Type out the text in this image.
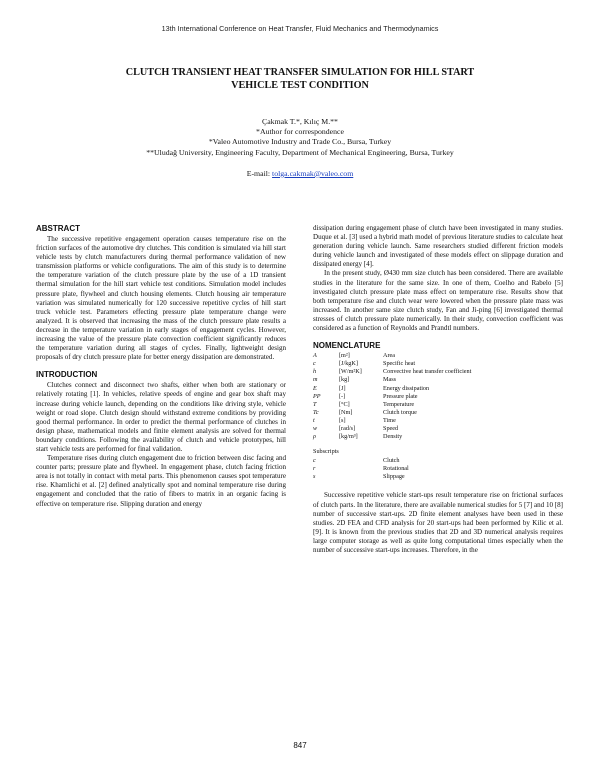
13th International Conference on Heat Transfer, Fluid Mechanics and Thermodynamics
CLUTCH TRANSIENT HEAT TRANSFER SIMULATION FOR HILL START
VEHICLE TEST CONDITION
Çakmak T.*, Kılıç M.**
*Author for correspondence
*Valeo Automotive Industry and Trade Co., Bursa, Turkey
**Uludağ University, Engineering Faculty, Department of Mechanical Engineering, Bursa, Turkey
E-mail: tolga.cakmak@valeo.com
ABSTRACT

The successive repetitive engagement operation causes temperature rise on the friction surfaces of the automotive dry clutches. This condition is simulated via hill start vehicle tests by clutch manufacturers during thermal performance validation of new transmission platforms or vehicle configurations. The aim of this study is to determine the temperature variation of the clutch pressure plate by the use of a 1D transient thermal simulation for the hill start vehicle test conditions. Simulation model includes pressure plate, flywheel and clutch housing elements. Clutch housing air temperature variation was simulated numerically for 120 successive repetitive cycles of hill start truck vehicle test. Parameters effecting pressure plate temperature change were analyzed. It is observed that increasing the mass of the clutch pressure plate results a decrease in the temperature variation in early stages of engagement cycles. However, increasing the value of the pressure plate convection coefficient significantly reduces the temperature variation during all stages of cycles. Finally, lightweight design proposals of dry clutch pressure plate for better energy dissipation are demonstrated.

INTRODUCTION

Clutches connect and disconnect two shafts, either when both are stationary or relatively rotating [1]. In vehicles, relative speeds of engine and gear box shaft may increase during vehicle launch, depending on the conditions like driving style, vehicle weight or road slope. Clutch design should withstand extreme conditions by providing good thermal performance. In order to predict the thermal performance of clutches in design phase, mathematical models and finite element analysis are solved for thermal boundary conditions. Following the availability of clutch and vehicle prototypes, hill start vehicle tests are performed for final validation.

Temperature rises during clutch engagement due to friction between disc facing and counter parts; pressure plate and flywheel. In engagement phase, clutch facing friction area is not totally in contact with metal parts. This phenomenon causes spot temperature rise. Khamlichi et al. [2] defined analytically spot and nominal temperature rise during engagement and concluded that the ratio of fibers to matrix in an organic facing is effective on temperature rise. Slipping duration and energy

dissipation during engagement phase of clutch have been investigated in many studies. Duque et al. [3] used a hybrid math model of previous literature studies to calculate heat generation during vehicle launch. Same researchers studied different friction models during vehicle launch and investigated of these models effect on slippage duration and dissipated energy [4].

In the present study, Ø430 mm size clutch has been considered. There are available studies in the literature for the same size. In one of them, Coelho and Rabelo [5] investigated clutch pressure plate mass effect on temperature rise. Results show that both temperature rise and clutch wear were lowered when the pressure plate mass was increased. In another same size clutch study, Fan and Ji-ping [6] investigated thermal stresses of clutch pressure plate numerically. In their study, convection coefficient was considered as a function of Reynolds and Prandtl numbers.

NOMENCLATURE
A	[m²]	Area
c	[J/kgK]	Specific heat
h	[W/m²K]	Convective heat transfer coefficient
m	[kg]	Mass
E	[J]	Energy dissipation
PP	[-]	Pressure plate
T	[°C]	Temperature
Tc	[Nm]	Clutch torque
t	[s]	Time
w	[rad/s]	Speed
ρ	[kg/m³]	Density
Subscripts
c	Clutch
r	Rotational
s	Slippage

Successive repetitive vehicle start-ups result temperature rise on frictional surfaces of clutch parts. In the literature, there are available numerical studies for 5 [7] and 10 [8] number of successive start-ups. 2D finite element analyses have been used in these studies. 2D FEA and CFD analysis for 20 start-ups had been performed by Kilic et al. [9]. It is known from the previous studies that 2D and 3D numerical analysis requires large computer storage as well as quite long computational times especially when the number of successive start-ups increases. Therefore, in the

847
